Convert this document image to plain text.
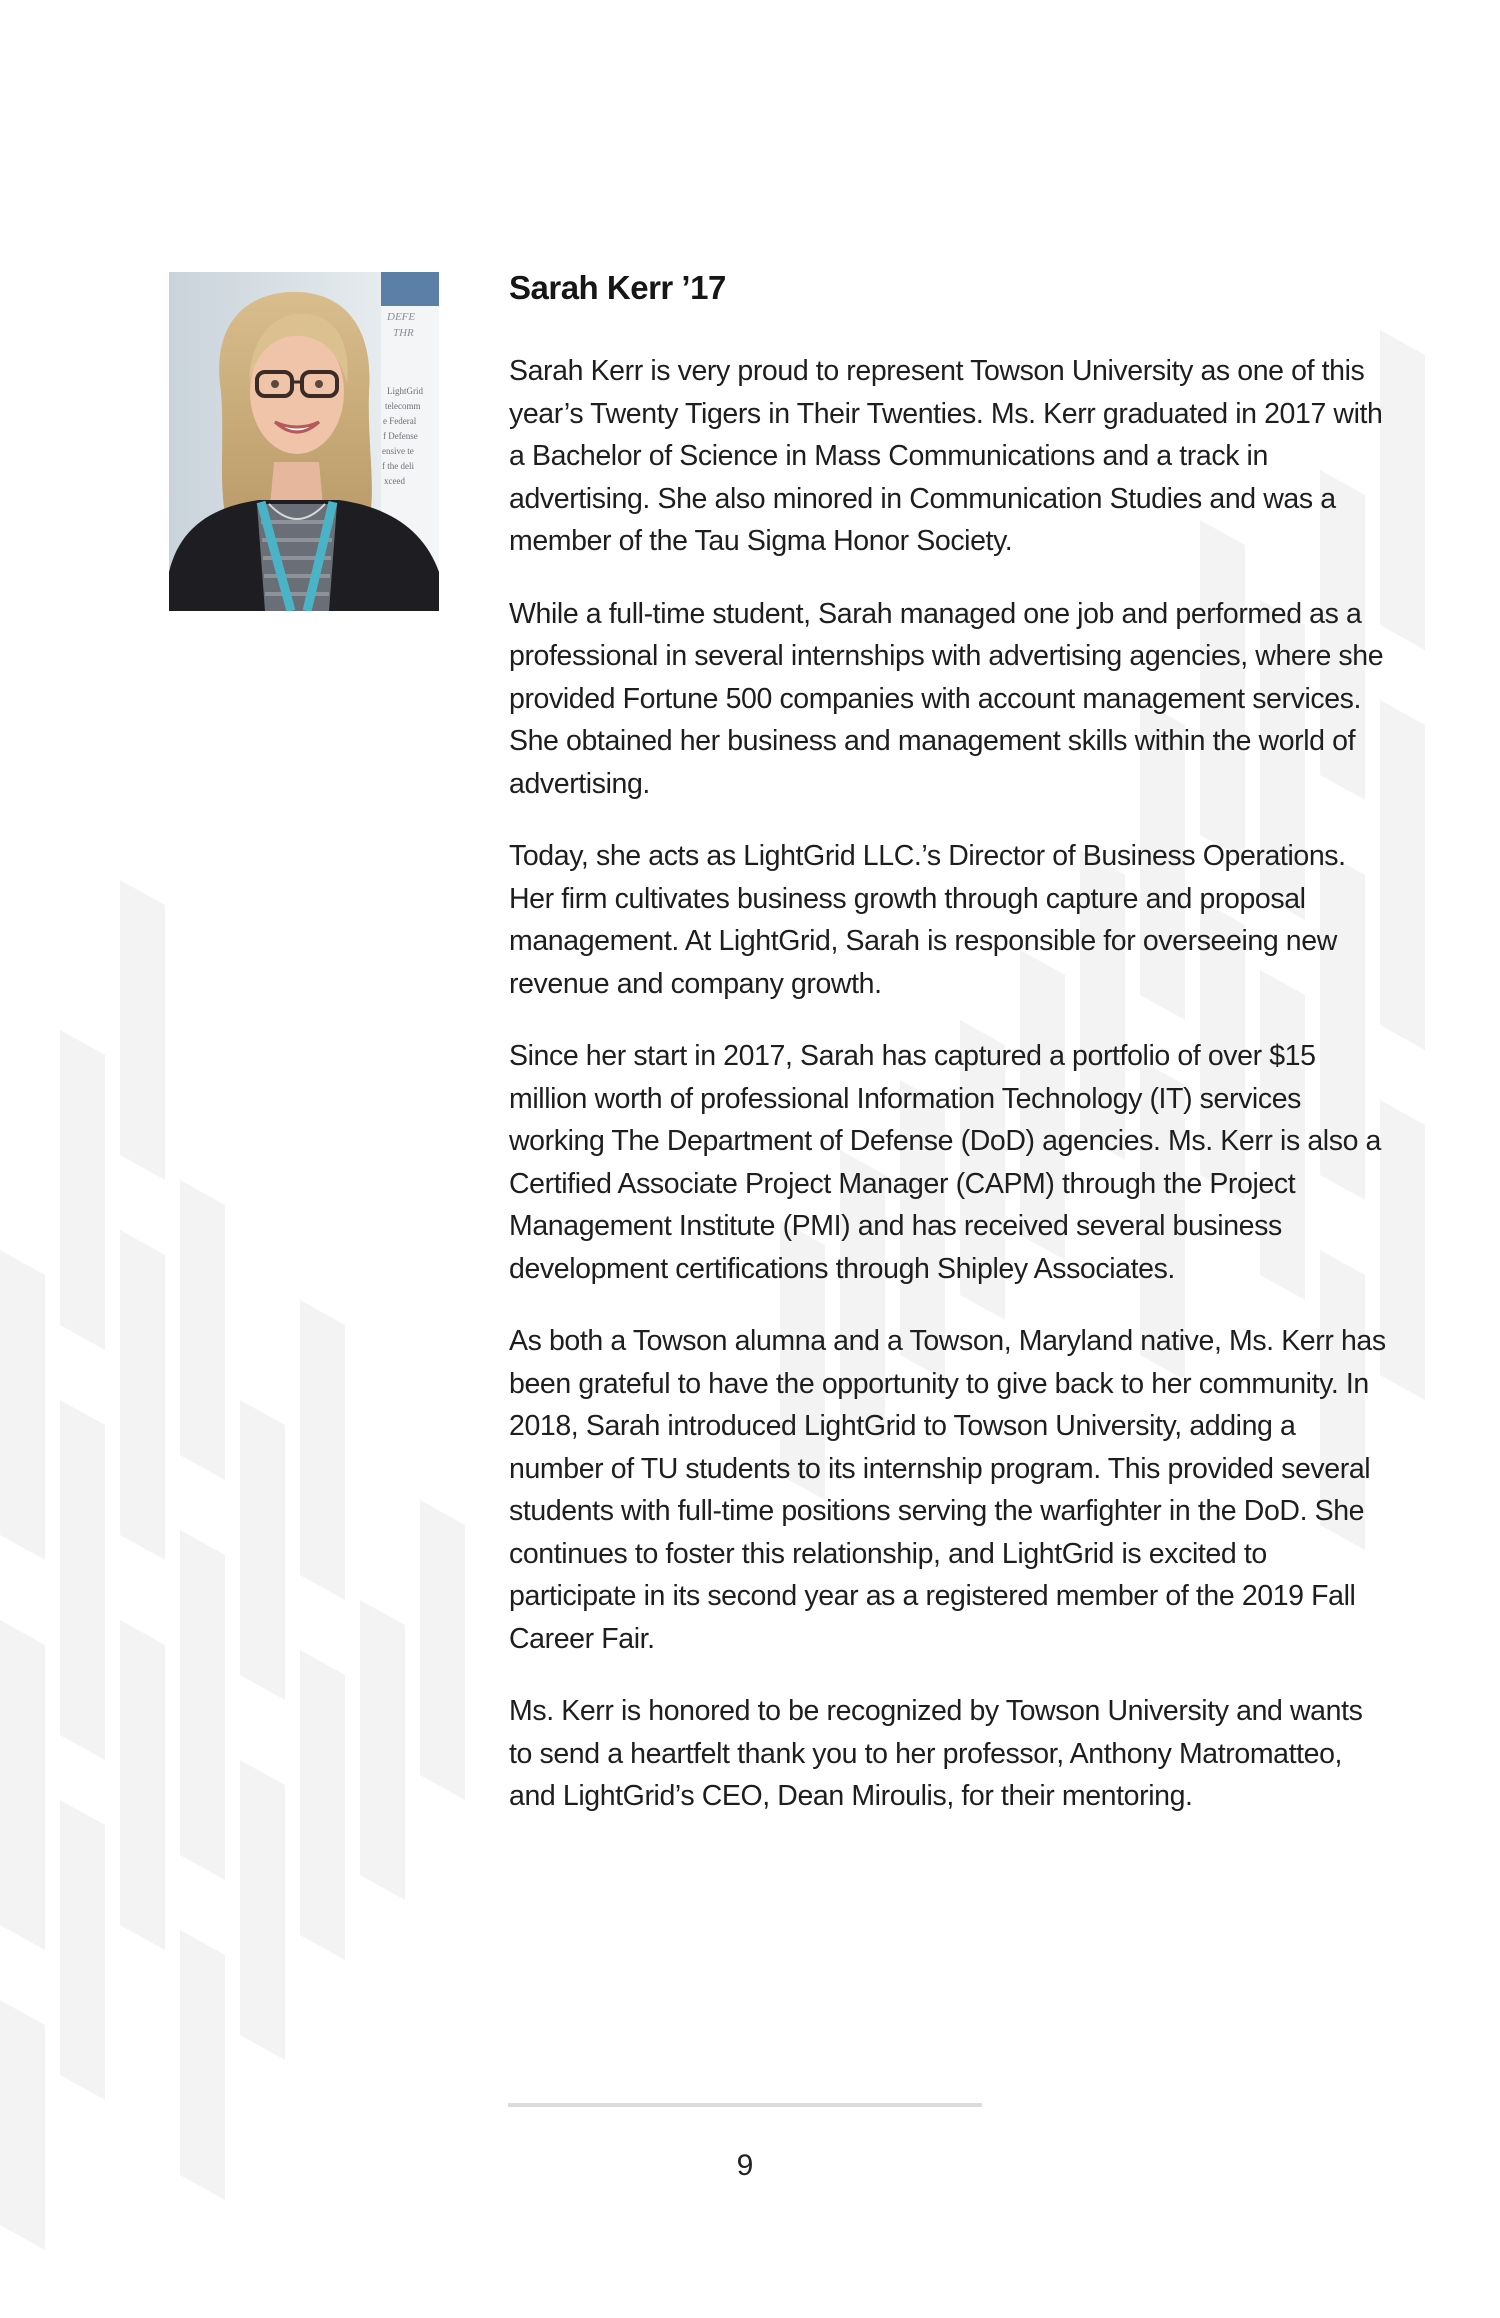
DEFE
THR
LightGrid
telecomm
e Federal
f Defense
ensive te
f the deli
xceed
Sarah Kerr ’17

Sarah Kerr is very proud to represent Towson University as one of this year’s Twenty Tigers in Their Twenties. Ms. Kerr graduated in 2017 with a Bachelor of Science in Mass Communications and a track in advertising. She also minored in Communication Studies and was a member of the Tau Sigma Honor Society.

While a full-time student, Sarah managed one job and performed as a professional in several internships with advertising agencies, where she provided Fortune 500 companies with account management services. She obtained her business and management skills within the world of advertising.

Today, she acts as LightGrid LLC.’s Director of Business Operations. Her firm cultivates business growth through capture and proposal management. At LightGrid, Sarah is responsible for overseeing new revenue and company growth.

Since her start in 2017, Sarah has captured a portfolio of over $15 million worth of professional Information Technology (IT) services working The Department of Defense (DoD) agencies. Ms. Kerr is also a Certified Associate Project Manager (CAPM) through the Project Management Institute (PMI) and has received several business development certifications through Shipley Associates.

As both a Towson alumna and a Towson, Maryland native, Ms. Kerr has been grateful to have the opportunity to give back to her community. In 2018, Sarah introduced LightGrid to Towson University, adding a number of TU students to its internship program. This provided several students with full-time positions serving the warfighter in the DoD. She continues to foster this relationship, and LightGrid is excited to participate in its second year as a registered member of the 2019 Fall Career Fair.

Ms. Kerr is honored to be recognized by Towson University and wants to send a heartfelt thank you to her professor, Anthony Matromatteo, and LightGrid’s CEO, Dean Miroulis, for their mentoring.

9
